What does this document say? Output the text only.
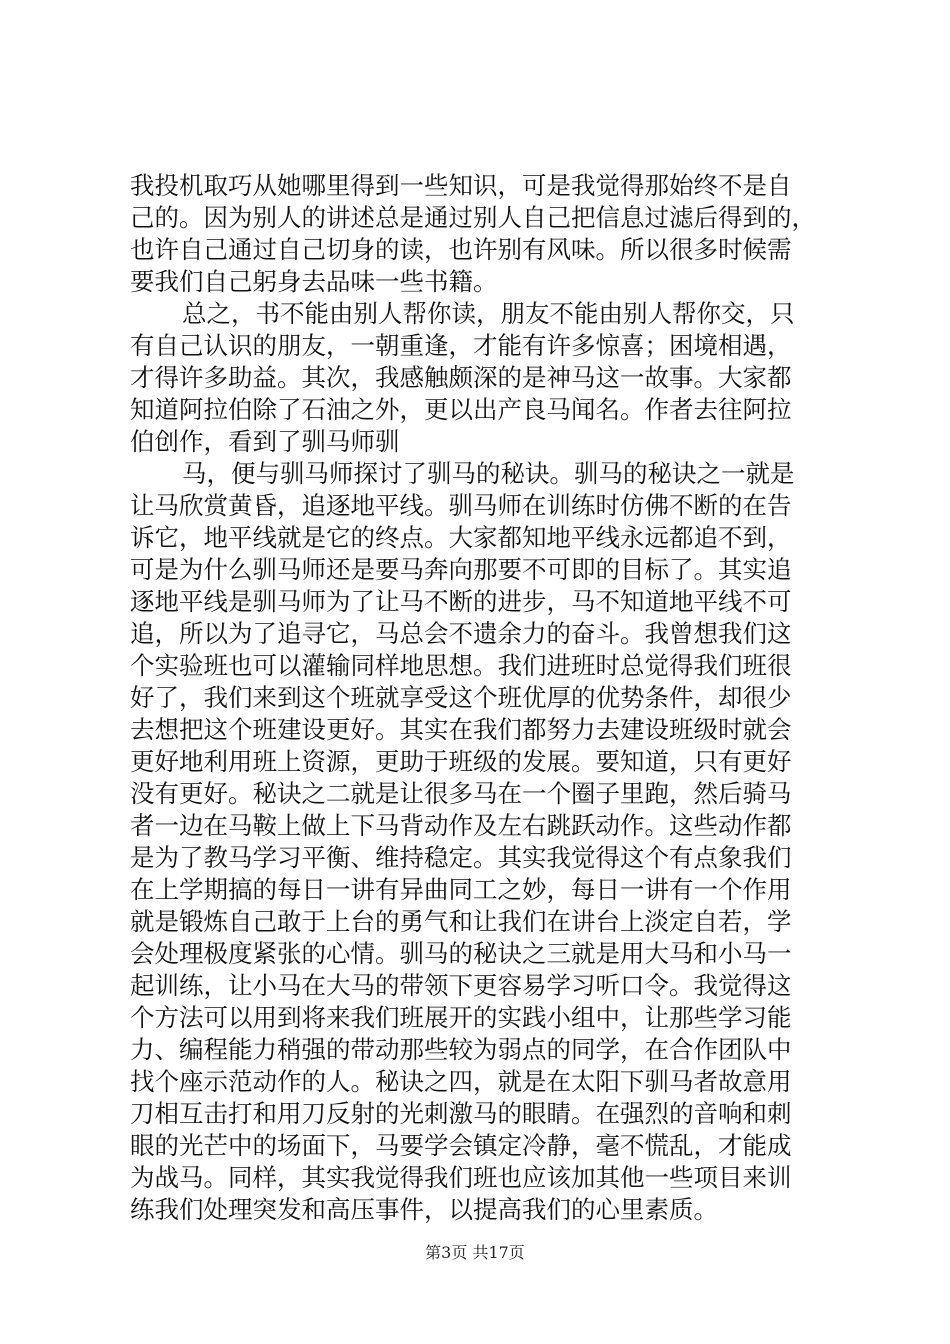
我投机取巧从她哪里得到一些知识，可是我觉得那始终不是自
己的。因为别人的讲述总是通过别人自己把信息过滤后得到的，
也许自己通过自己切身的读，也许别有风味。所以很多时候需
要我们自己躬身去品味一些书籍。
总之，书不能由别人帮你读，朋友不能由别人帮你交，只
有自己认识的朋友，一朝重逢，才能有许多惊喜；困境相遇，
才得许多助益。其次，我感触颇深的是神马这一故事。大家都
知道阿拉伯除了石油之外，更以出产良马闻名。作者去往阿拉
伯创作，看到了驯马师驯
马，便与驯马师探讨了驯马的秘诀。驯马的秘诀之一就是
让马欣赏黄昏，追逐地平线。驯马师在训练时仿佛不断的在告
诉它，地平线就是它的终点。大家都知地平线永远都追不到，
可是为什么驯马师还是要马奔向那要不可即的目标了。其实追
逐地平线是驯马师为了让马不断的进步，马不知道地平线不可
追，所以为了追寻它，马总会不遗余力的奋斗。我曾想我们这
个实验班也可以灌输同样地思想。我们进班时总觉得我们班很
好了，我们来到这个班就享受这个班优厚的优势条件，却很少
去想把这个班建设更好。其实在我们都努力去建设班级时就会
更好地利用班上资源，更助于班级的发展。要知道，只有更好
没有更好。秘诀之二就是让很多马在一个圈子里跑，然后骑马
者一边在马鞍上做上下马背动作及左右跳跃动作。这些动作都
是为了教马学习平衡、维持稳定。其实我觉得这个有点象我们
在上学期搞的每日一讲有异曲同工之妙，每日一讲有一个作用
就是锻炼自己敢于上台的勇气和让我们在讲台上淡定自若，学
会处理极度紧张的心情。驯马的秘诀之三就是用大马和小马一
起训练，让小马在大马的带领下更容易学习听口令。我觉得这
个方法可以用到将来我们班展开的实践小组中，让那些学习能
力、编程能力稍强的带动那些较为弱点的同学，在合作团队中
找个座示范动作的人。秘诀之四，就是在太阳下驯马者故意用
刀相互击打和用刀反射的光刺激马的眼睛。在强烈的音响和刺
眼的光芒中的场面下，马要学会镇定冷静，毫不慌乱，才能成
为战马。同样，其实我觉得我们班也应该加其他一些项目来训
练我们处理突发和高压事件，以提高我们的心里素质。
第3页 共17页
